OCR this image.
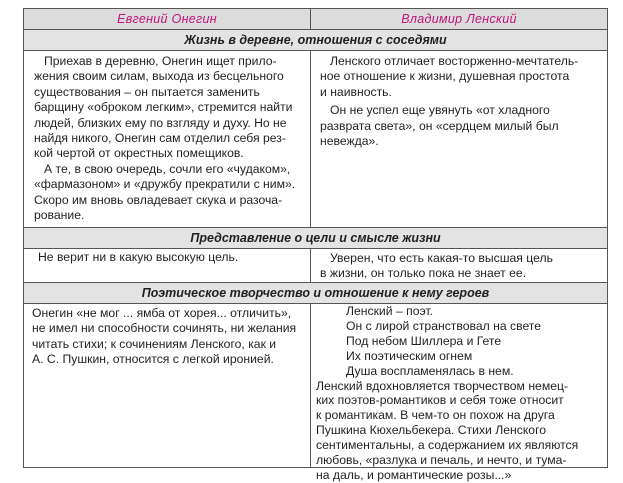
Евгений Онегин	Владимир Ленский
Жизнь в деревне, отношения с соседями

Приехав в деревню, Онегин ищет прило-

жения своим силам, выхода из бесцельного

существования – он пытается заменить

барщину «оброком легким», стремится найти

людей, близких ему по взгляду и духу. Но не

найдя никого, Онегин сам отделил себя рез-

кой чертой от окрестных помещиков.

А те, в свою очередь, сочли его «чудаком»,

«фармазоном» и «дружбу прекратили с ним».

Скоро им вновь овладевает скука и разоча-

рование.

Ленского отличает восторженно-мечтатель-

ное отношение к жизни, душевная простота

и наивность.

Он не успел еще увянуть «от хладного

разврата света», он «сердцем милый был

невежда».

Представление о цели и смысле жизни

Не верит ни в какую высокую цель.	Уверен, что есть какая-то высшая цель

в жизни, он только пока не знает ее.

Поэтическое творчество и отношение к нему героев

Онегин «не мог ... ямба от хорея... отличить»,

не имел ни способности сочинять, ни желания

читать стихи; к сочинениям Ленского, как и

А. С. Пушкин, относится с легкой иронией.

Ленский – поэт.

Он с лирой странствовал на свете

Под небом Шиллера и Гете

Их поэтическим огнем

Душа воспламенялась в нем.

Ленский вдохновляется творчеством немец-

ких поэтов-романтиков и себя тоже относит

к романтикам. В чем-то он похож на друга

Пушкина Кюхельбекера. Стихи Ленского

сентиментальны, а содержанием их являются

любовь, «разлука и печаль, и нечто, и тума-

на даль, и романтические розы...»
